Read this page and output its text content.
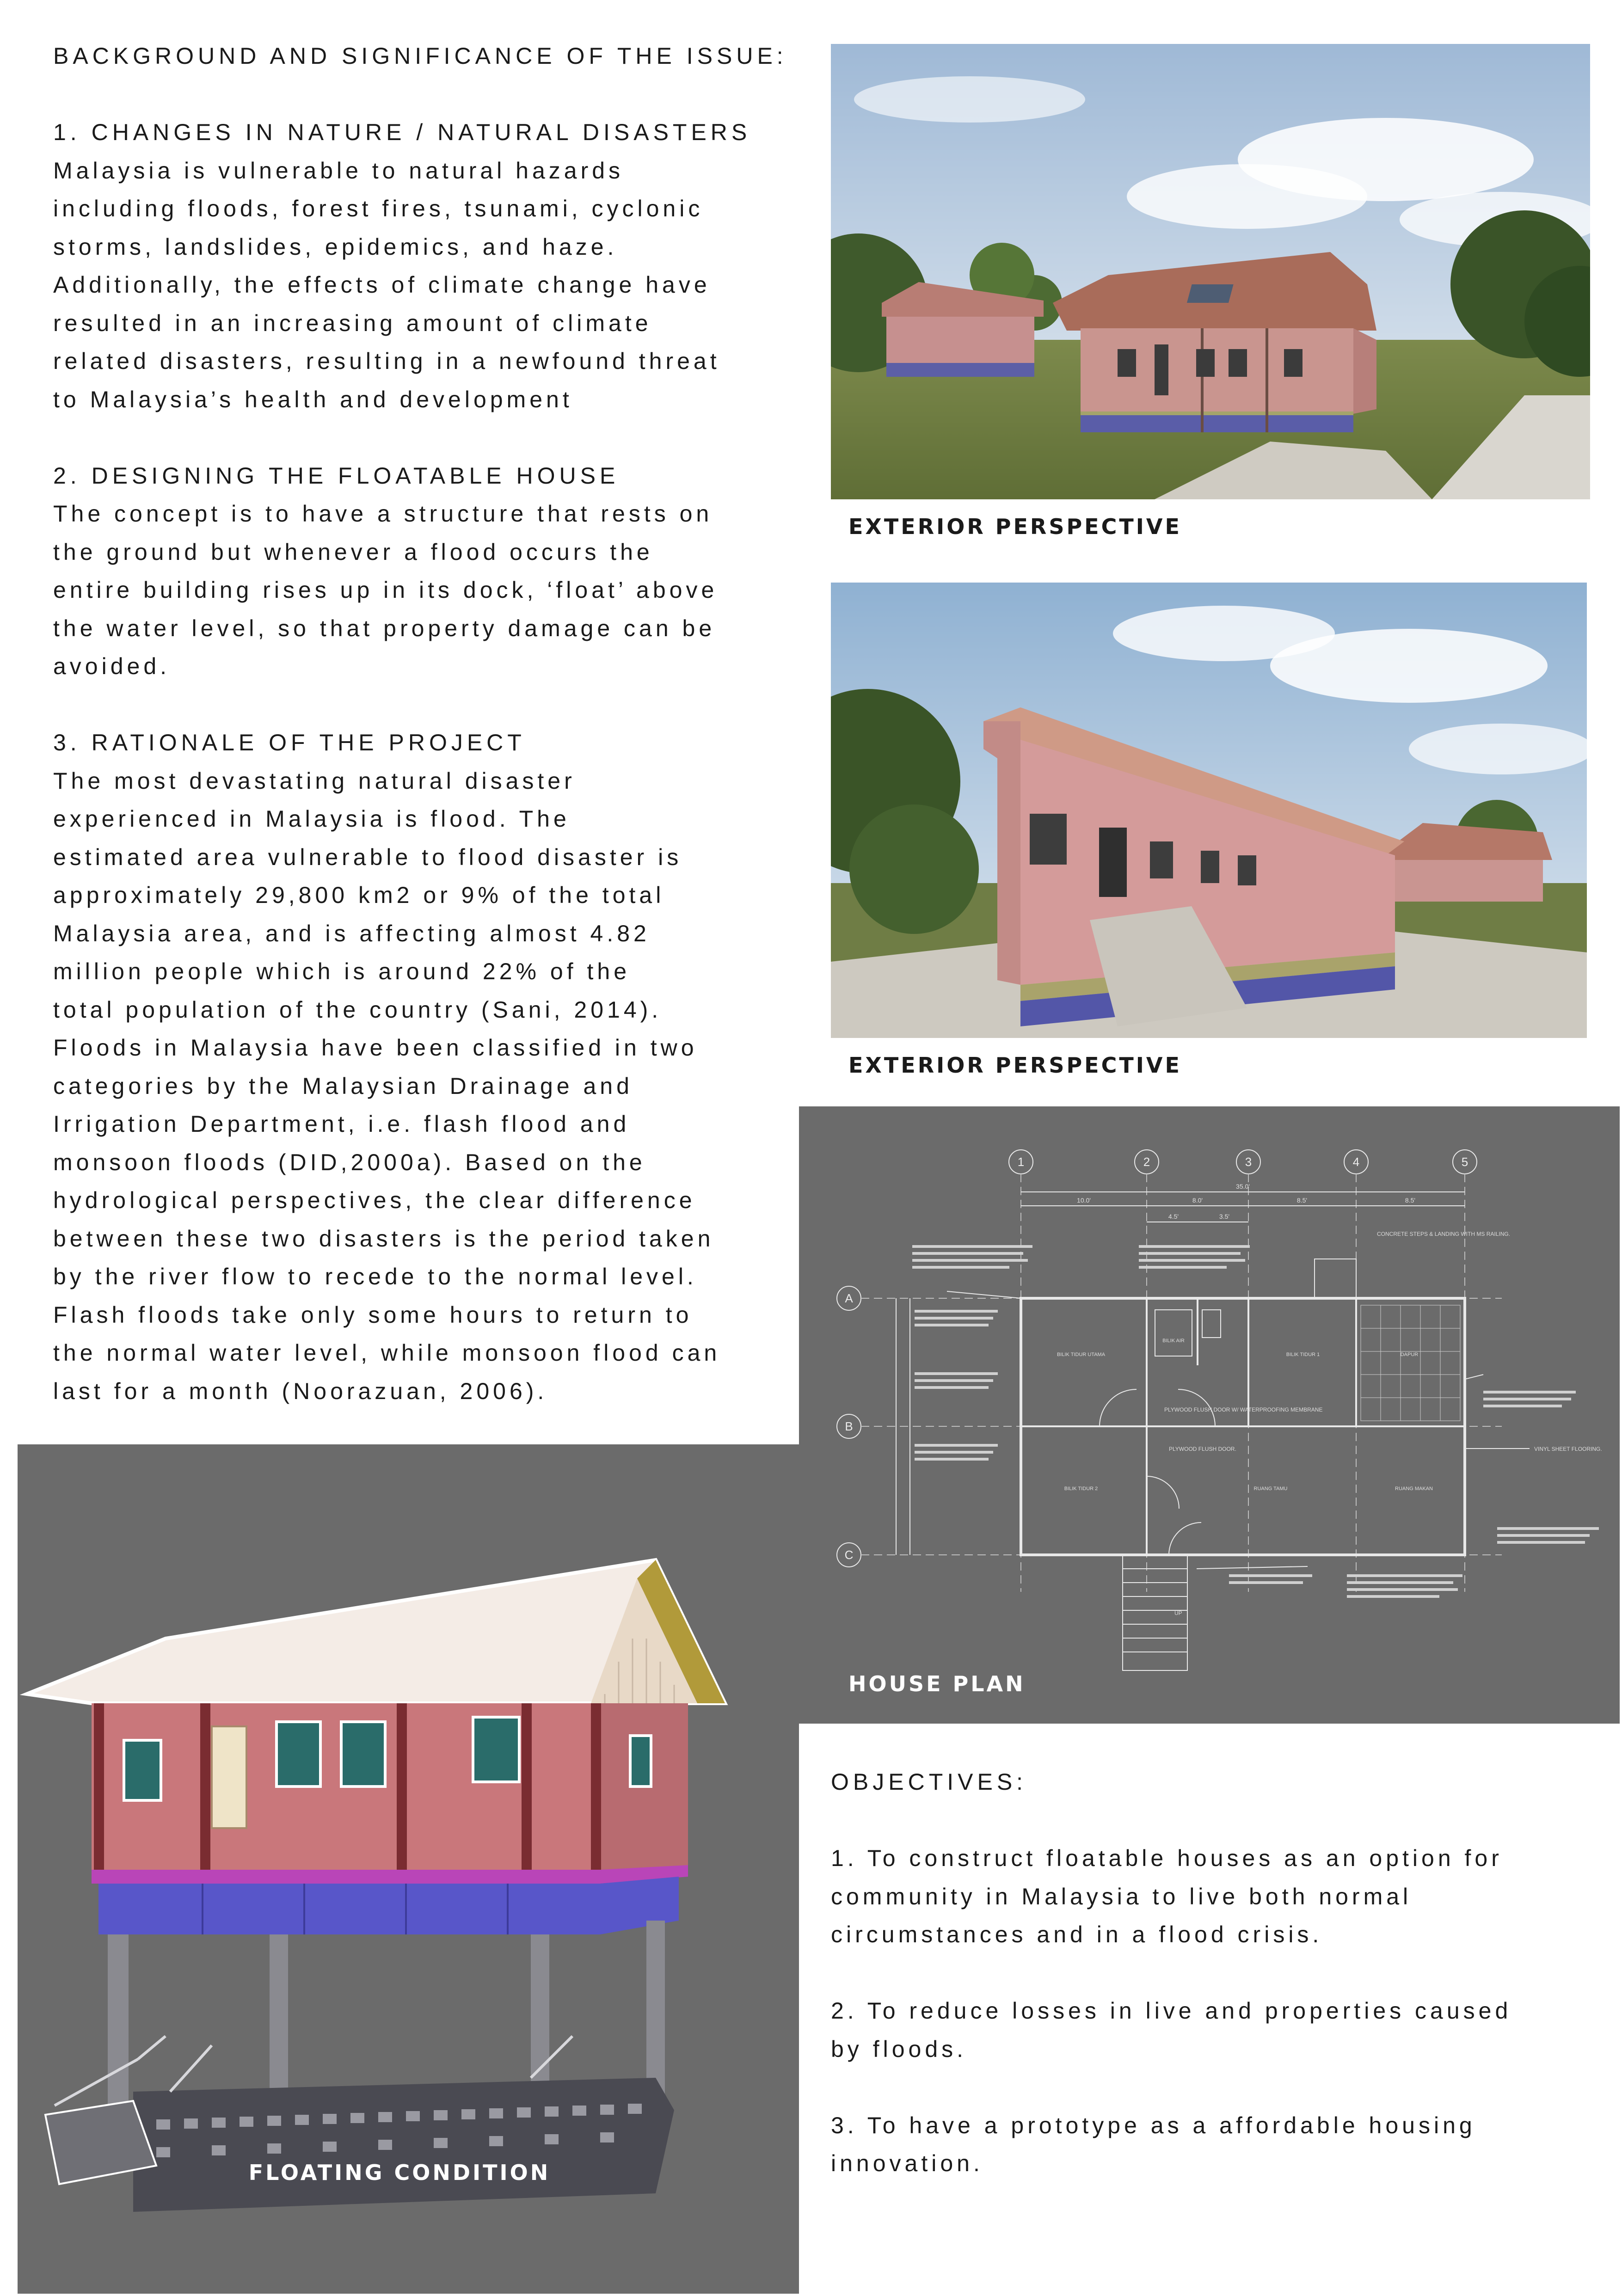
BACKGROUND AND SIGNIFICANCE OF THE ISSUE:
1. CHANGES IN NATURE / NATURAL DISASTERS
Malaysia is vulnerable to natural hazards
including floods, forest fires, tsunami, cyclonic
storms, landslides, epidemics, and haze.
Additionally, the effects of climate change have
resulted in an increasing amount of climate
related disasters, resulting in a newfound threat
to Malaysia’s health and development
2. DESIGNING THE FLOATABLE HOUSE
The concept is to have a structure that rests on
the ground but whenever a flood occurs the
entire building rises up in its dock, ‘float’ above
the water level, so that property damage can be
avoided.
3. RATIONALE OF THE PROJECT
The most devastating natural disaster
experienced in Malaysia is flood. The
estimated area vulnerable to flood disaster is
approximately 29,800 km2 or 9% of the total
Malaysia area, and is affecting almost 4.82
million people which is around 22% of the
total population of the country (Sani, 2014).
Floods in Malaysia have been classified in two
categories by the Malaysian Drainage and
Irrigation Department, i.e. flash flood and
monsoon floods (DID,2000a). Based on the
hydrological perspectives, the clear difference
between these two disasters is the period taken
by the river flow to recede to the normal level.
Flash floods take only some hours to return to
the normal water level, while monsoon flood can
last for a month (Noorazuan, 2006).
EXTERIOR PERSPECTIVE
EXTERIOR PERSPECTIVE
1	2	3	4	5
A
B
C
35.0'
10.0'	8.0'
4.5'	3.5'
8.5'	8.5'
BILIK TIDUR UTAMA
BILIK AIR
BILIK TIDUR 1	DAPUR
BILIK TIDUR 2	RUANG TAMU	RUANG MAKAN
CONCRETE STEPS & LANDING WITH MS RAILING.
PLYWOOD FLUSH DOOR W/ WATERPROOFING MEMBRANE
PLYWOOD FLUSH DOOR.	VINYL SHEET FLOORING.
UP
HOUSE PLAN
FLOATING CONDITION
OBJECTIVES:
1. To construct floatable houses as an option for
community in Malaysia to live both normal
circumstances and in a flood crisis.
2. To reduce losses in live and properties caused
by floods.
3. To have a prototype as a affordable housing
innovation.
